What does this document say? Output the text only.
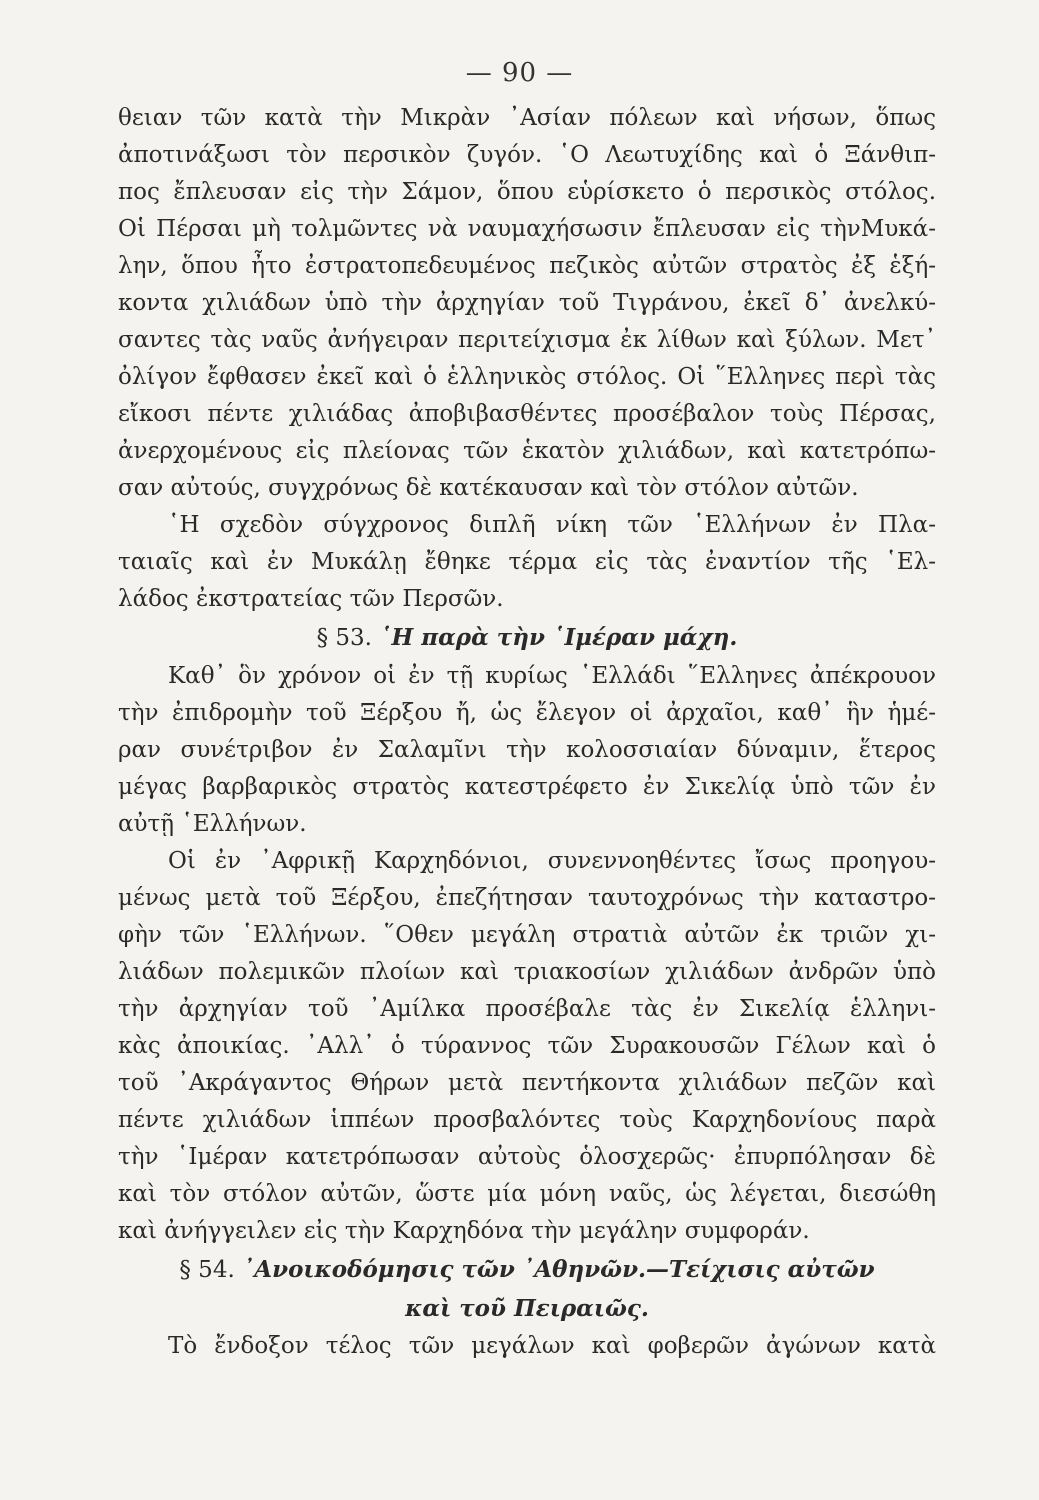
— 90 —
θειαν τῶν κατὰ τὴν Μικρὰν ᾿Ασίαν πόλεων καὶ νήσων, ὅπως
ἀποτινάξωσι τὸν περσικὸν ζυγόν. ῾Ο Λεωτυχίδης καὶ ὁ Ξάνθιπ-
πος ἔπλευσαν εἰς τὴν Σάμον, ὅπου εὑρίσκετο ὁ περσικὸς στόλος.
Οἱ Πέρσαι μὴ τολμῶντες νὰ ναυμαχήσωσιν ἔπλευσαν εἰς τὴνΜυκά-
λην, ὅπου ἦτο ἐστρατοπεδευμένος πεζικὸς αὐτῶν στρατὸς ἐξ ἑξή-
κοντα χιλιάδων ὑπὸ τὴν ἀρχηγίαν τοῦ Τιγράνου, ἐκεῖ δ᾿ ἀνελκύ-
σαντες τὰς ναῦς ἀνήγειραν περιτείχισμα ἐκ λίθων καὶ ξύλων. Μετ᾿
ὀλίγον ἔφθασεν ἐκεῖ καὶ ὁ ἑλληνικὸς στόλος. Οἱ ῞Ελληνες περὶ τὰς
εἴκοσι πέντε χιλιάδας ἀποβιβασθέντες προσέβαλον τοὺς Πέρσας,
ἀνερχομένους εἰς πλείονας τῶν ἑκατὸν χιλιάδων, καὶ κατετρόπω-
σαν αὐτούς, συγχρόνως δὲ κατέκαυσαν καὶ τὸν στόλον αὐτῶν.
῾Η σχεδὸν σύγχρονος διπλῆ νίκη τῶν ῾Ελλήνων ἐν Πλα-
ταιαῖς καὶ ἐν Μυκάλῃ ἔθηκε τέρμα εἰς τὰς ἐναντίον τῆς ῾Ελ-
λάδος ἐκστρατείας τῶν Περσῶν.
§ 53. ῾Η παρὰ τὴν ῾Ιμέραν μάχη.
Καθ᾿ ὃν χρόνον οἱ ἐν τῇ κυρίως ῾Ελλάδι ῞Ελληνες ἀπέκρουον
τὴν ἐπιδρομὴν τοῦ Ξέρξου ἤ, ὡς ἔλεγον οἱ ἀρχαῖοι, καθ᾿ ἣν ἡμέ-
ραν συνέτριβον ἐν Σαλαμῖνι τὴν κολοσσιαίαν δύναμιν, ἕτερος
μέγας βαρβαρικὸς στρατὸς κατεστρέφετο ἐν Σικελίᾳ ὑπὸ τῶν ἐν
αὐτῇ ῾Ελλήνων.
Οἱ ἐν ᾿Αφρικῇ Καρχηδόνιοι, συνεννοηθέντες ἴσως προηγου-
μένως μετὰ τοῦ Ξέρξου, ἐπεζήτησαν ταυτοχρόνως τὴν καταστρο-
φὴν τῶν ῾Ελλήνων. ῞Οθεν μεγάλη στρατιὰ αὐτῶν ἐκ τριῶν χι-
λιάδων πολεμικῶν πλοίων καὶ τριακοσίων χιλιάδων ἀνδρῶν ὑπὸ
τὴν ἀρχηγίαν τοῦ ᾿Αμίλκα προσέβαλε τὰς ἐν Σικελίᾳ ἑλληνι-
κὰς ἀποικίας. ᾿Αλλ᾿ ὁ τύραννος τῶν Συρακουσῶν Γέλων καὶ ὁ
τοῦ ᾿Ακράγαντος Θήρων μετὰ πεντήκοντα χιλιάδων πεζῶν καὶ
πέντε χιλιάδων ἱππέων προσβαλόντες τοὺς Καρχηδονίους παρὰ
τὴν ῾Ιμέραν κατετρόπωσαν αὐτοὺς ὁλοσχερῶς· ἐπυρπόλησαν δὲ
καὶ τὸν στόλον αὐτῶν, ὥστε μία μόνη ναῦς, ὡς λέγεται, διεσώθη
καὶ ἀνήγγειλεν εἰς τὴν Καρχηδόνα τὴν μεγάλην συμφοράν.
§ 54. ᾿Ανοικοδόμησις τῶν ᾿Αθηνῶν.—Τείχισις αὐτῶν
καὶ τοῦ Πειραιῶς.
Τὸ ἔνδοξον τέλος τῶν μεγάλων καὶ φοβερῶν ἀγώνων κατὰ
